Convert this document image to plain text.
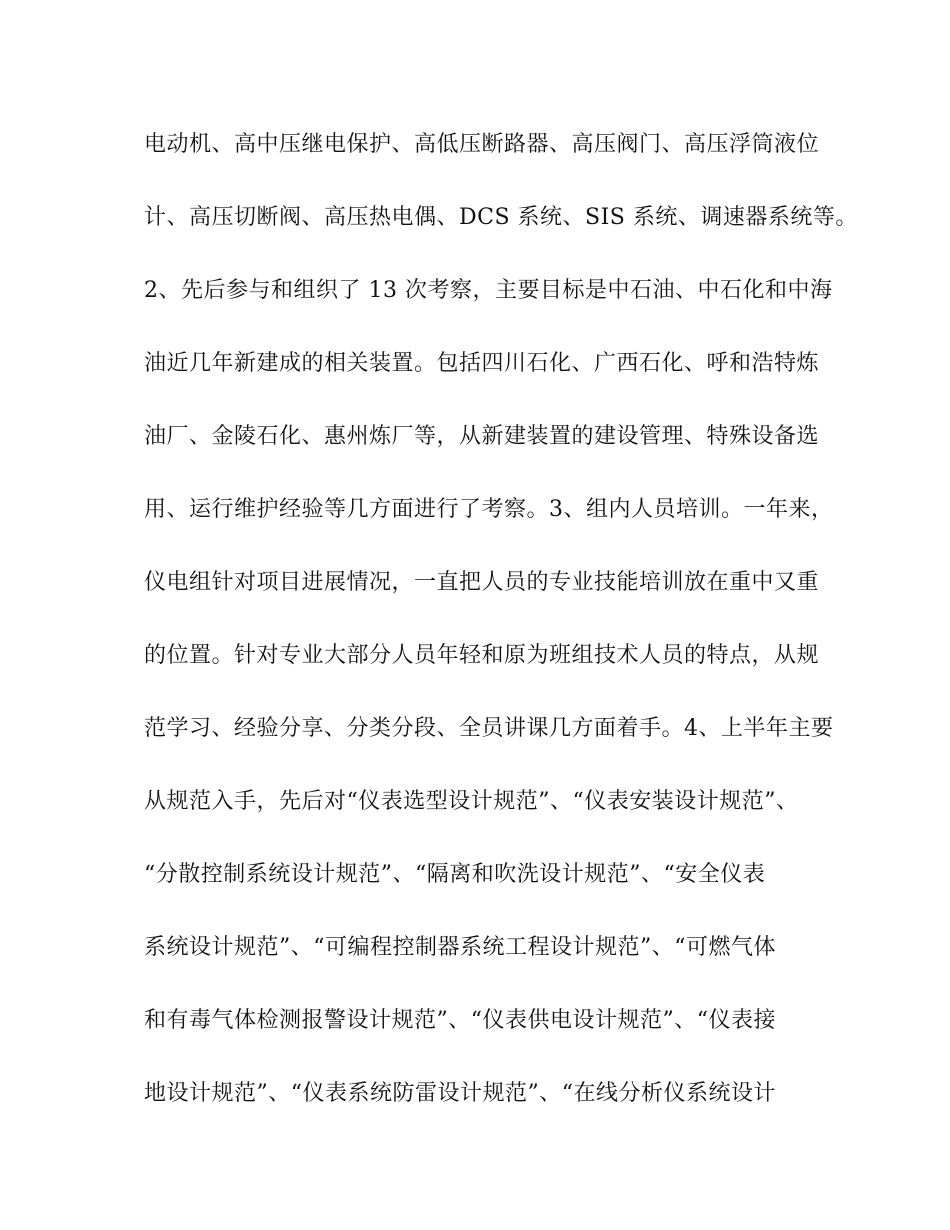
电动机、高中压继电保护、高低压断路器、高压阀门、高压浮筒液位
计、高压切断阀、高压热电偶、DCS 系统、SIS 系统、调速器系统等。
2、先后参与和组织了 13 次考察，主要目标是中石油、中石化和中海
油近几年新建成的相关装置。包括四川石化、广西石化、呼和浩特炼
油厂、金陵石化、惠州炼厂等，从新建装置的建设管理、特殊设备选
用、运行维护经验等几方面进行了考察。3、组内人员培训。一年来，
仪电组针对项目进展情况，一直把人员的专业技能培训放在重中又重
的位置。针对专业大部分人员年轻和原为班组技术人员的特点，从规
范学习、经验分享、分类分段、全员讲课几方面着手。4、上半年主要
从规范入手，先后对“仪表选型设计规范”、“仪表安装设计规范”、
“分散控制系统设计规范”、“隔离和吹洗设计规范”、“安全仪表
系统设计规范”、“可编程控制器系统工程设计规范”、“可燃气体
和有毒气体检测报警设计规范”、“仪表供电设计规范”、“仪表接
地设计规范”、“仪表系统防雷设计规范”、“在线分析仪系统设计
